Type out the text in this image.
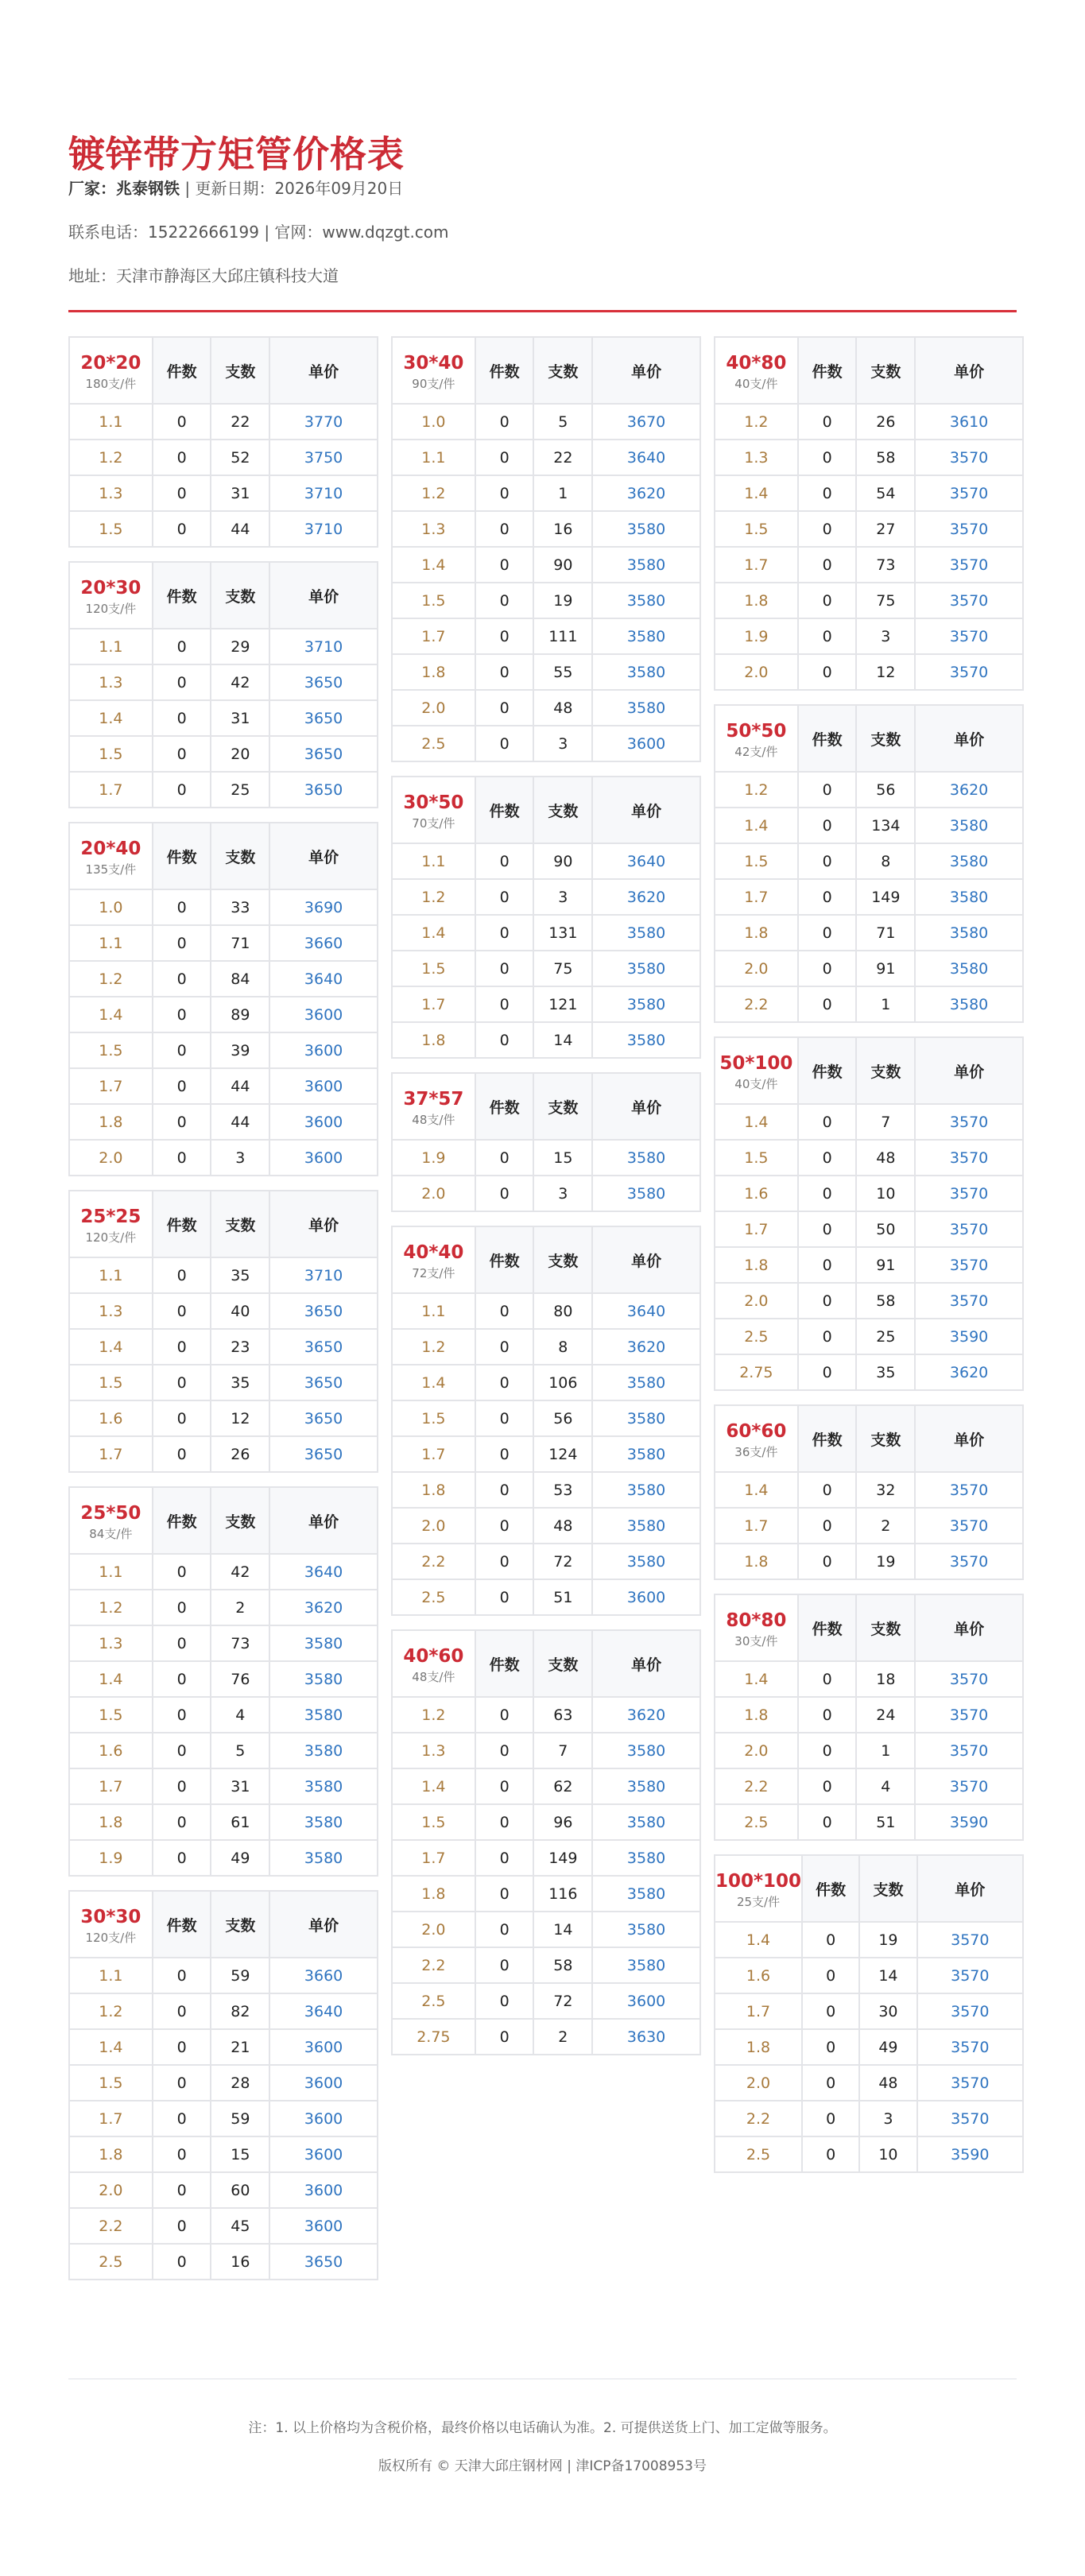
镀锌带方矩管价格表
厂家：兆泰钢铁 | 更新日期：2026年09月20日
联系电话：15222666199 | 官网：www.dqzgt.com
地址：天津市静海区大邱庄镇科技大道
20*20
180支/件	件数	支数	单价
1.1	0	22	3770
1.2	0	52	3750
1.3	0	31	3710
1.5	0	44	3710
20*30
120支/件	件数	支数	单价
1.1	0	29	3710
1.3	0	42	3650
1.4	0	31	3650
1.5	0	20	3650
1.7	0	25	3650
20*40
135支/件	件数	支数	单价
1.0	0	33	3690
1.1	0	71	3660
1.2	0	84	3640
1.4	0	89	3600
1.5	0	39	3600
1.7	0	44	3600
1.8	0	44	3600
2.0	0	3	3600
25*25
120支/件	件数	支数	单价
1.1	0	35	3710
1.3	0	40	3650
1.4	0	23	3650
1.5	0	35	3650
1.6	0	12	3650
1.7	0	26	3650
25*50
84支/件	件数	支数	单价
1.1	0	42	3640
1.2	0	2	3620
1.3	0	73	3580
1.4	0	76	3580
1.5	0	4	3580
1.6	0	5	3580
1.7	0	31	3580
1.8	0	61	3580
1.9	0	49	3580
30*30
120支/件	件数	支数	单价
1.1	0	59	3660
1.2	0	82	3640
1.4	0	21	3600
1.5	0	28	3600
1.7	0	59	3600
1.8	0	15	3600
2.0	0	60	3600
2.2	0	45	3600
2.5	0	16	3650
30*40
90支/件	件数	支数	单价
1.0	0	5	3670
1.1	0	22	3640
1.2	0	1	3620
1.3	0	16	3580
1.4	0	90	3580
1.5	0	19	3580
1.7	0	111	3580
1.8	0	55	3580
2.0	0	48	3580
2.5	0	3	3600
30*50
70支/件	件数	支数	单价
1.1	0	90	3640
1.2	0	3	3620
1.4	0	131	3580
1.5	0	75	3580
1.7	0	121	3580
1.8	0	14	3580
37*57
48支/件	件数	支数	单价
1.9	0	15	3580
2.0	0	3	3580
40*40
72支/件	件数	支数	单价
1.1	0	80	3640
1.2	0	8	3620
1.4	0	106	3580
1.5	0	56	3580
1.7	0	124	3580
1.8	0	53	3580
2.0	0	48	3580
2.2	0	72	3580
2.5	0	51	3600
40*60
48支/件	件数	支数	单价
1.2	0	63	3620
1.3	0	7	3580
1.4	0	62	3580
1.5	0	96	3580
1.7	0	149	3580
1.8	0	116	3580
2.0	0	14	3580
2.2	0	58	3580
2.5	0	72	3600
2.75	0	2	3630
40*80
40支/件	件数	支数	单价
1.2	0	26	3610
1.3	0	58	3570
1.4	0	54	3570
1.5	0	27	3570
1.7	0	73	3570
1.8	0	75	3570
1.9	0	3	3570
2.0	0	12	3570
50*50
42支/件	件数	支数	单价
1.2	0	56	3620
1.4	0	134	3580
1.5	0	8	3580
1.7	0	149	3580
1.8	0	71	3580
2.0	0	91	3580
2.2	0	1	3580
50*100
40支/件	件数	支数	单价
1.4	0	7	3570
1.5	0	48	3570
1.6	0	10	3570
1.7	0	50	3570
1.8	0	91	3570
2.0	0	58	3570
2.5	0	25	3590
2.75	0	35	3620
60*60
36支/件	件数	支数	单价
1.4	0	32	3570
1.7	0	2	3570
1.8	0	19	3570
80*80
30支/件	件数	支数	单价
1.4	0	18	3570
1.8	0	24	3570
2.0	0	1	3570
2.2	0	4	3570
2.5	0	51	3590
100*100
25支/件	件数	支数	单价
1.4	0	19	3570
1.6	0	14	3570
1.7	0	30	3570
1.8	0	49	3570
2.0	0	48	3570
2.2	0	3	3570
2.5	0	10	3590
注：1. 以上价格均为含税价格，最终价格以电话确认为准。2. 可提供送货上门、加工定做等服务。
版权所有 © 天津大邱庄钢材网 | 津ICP备17008953号
